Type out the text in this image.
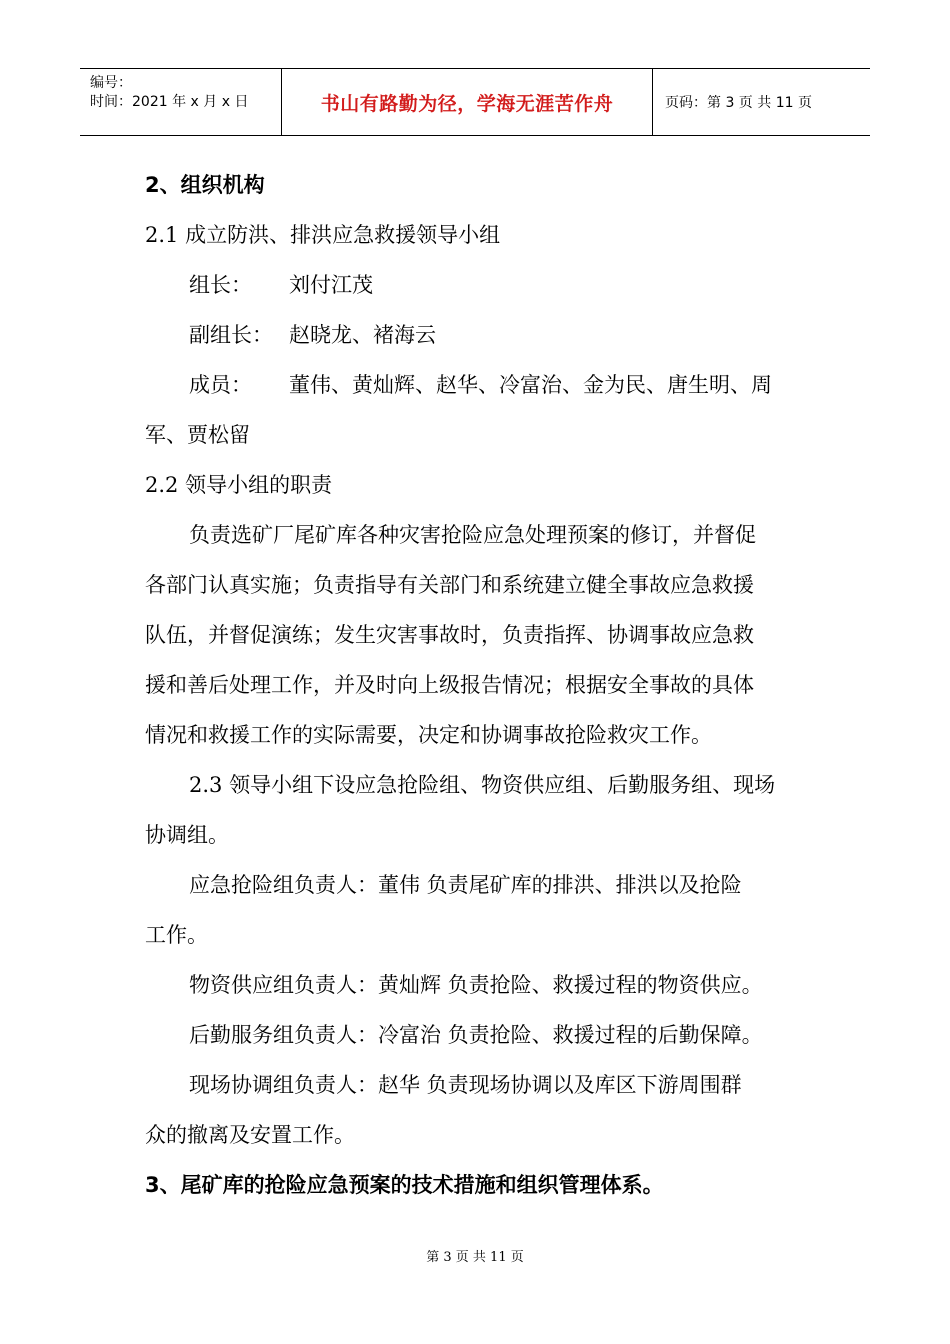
编号：
时间：2021 年 x 月 x 日	书山有路勤为径，学海无涯苦作舟	页码：第 3 页 共 11 页
2、组织机构
2.1 成立防洪、排洪应急救援领导小组
组长： 刘付江茂
副组长： 赵晓龙、褚海云
成员： 董伟、黄灿辉、赵华、冷富治、金为民、唐生明、周
军、贾松留
2.2 领导小组的职责
负责选矿厂尾矿库各种灾害抢险应急处理预案的修订，并督促
各部门认真实施；负责指导有关部门和系统建立健全事故应急救援
队伍，并督促演练；发生灾害事故时，负责指挥、协调事故应急救
援和善后处理工作，并及时向上级报告情况；根据安全事故的具体
情况和救援工作的实际需要，决定和协调事故抢险救灾工作。
2.3 领导小组下设应急抢险组、物资供应组、后勤服务组、现场
协调组。
应急抢险组负责人：董伟 负责尾矿库的排洪、排洪以及抢险
工作。
物资供应组负责人：黄灿辉 负责抢险、救援过程的物资供应。
后勤服务组负责人：冷富治 负责抢险、救援过程的后勤保障。
现场协调组负责人：赵华 负责现场协调以及库区下游周围群
众的撤离及安置工作。
3、尾矿库的抢险应急预案的技术措施和组织管理体系。
第 3 页 共 11 页
